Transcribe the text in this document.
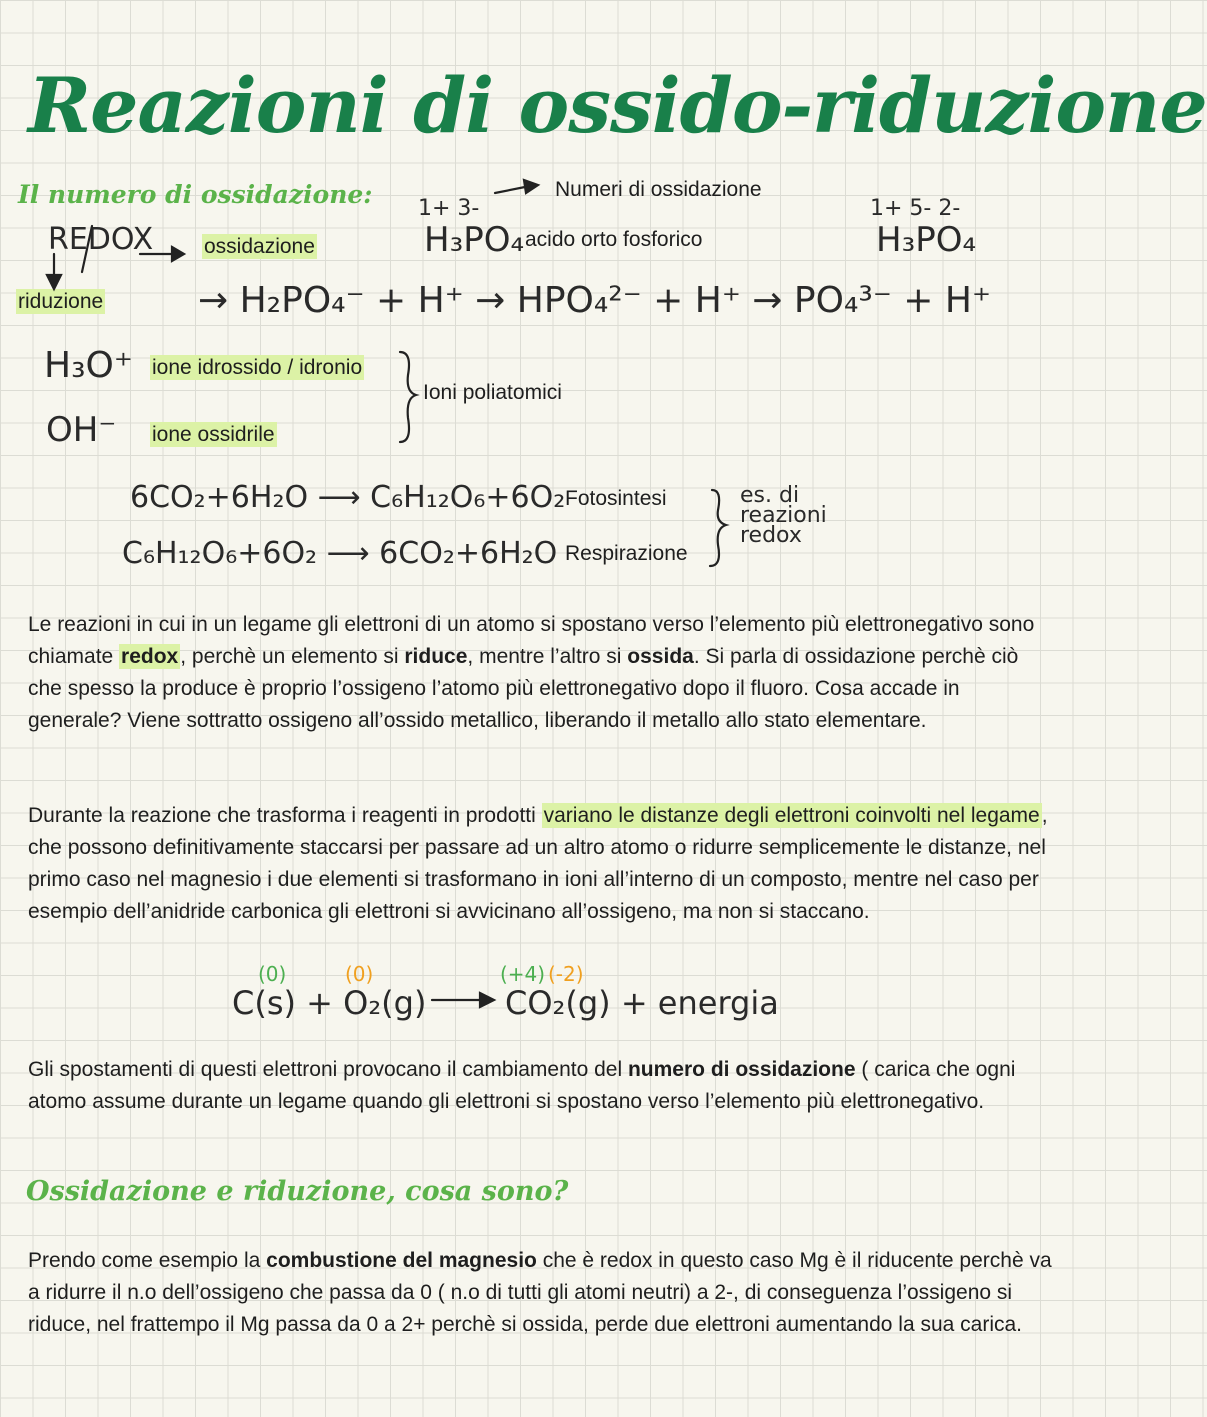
Reazioni di ossido-riduzione
Il numero di ossidazione:
REDOX ossidazione
riduzione
1+ 3-
Numeri di ossidazione
H₃PO₄ acido orto fosforico
1+ 5- 2-
H₃PO₄
→ H₂PO₄⁻ + H⁺ → HPO₄²⁻ + H⁺ → PO₄³⁻ + H⁺
H₃O⁺ ione idrossido / idronio
OH⁻ ione ossidrile
Ioni poliatomici
6CO₂+6H₂O ⟶ C₆H₁₂O₆+6O₂ Fotosintesi
C₆H₁₂O₆+6O₂ ⟶ 6CO₂+6H₂O Respirazione
es. di
reazioni
redox

Le reazioni in cui in un legame gli elettroni di un atomo si spostano verso l’elemento più elettronegativo sono chiamate redox, perchè un elemento si riduce, mentre l’altro si ossida. Si parla di ossidazione perchè ciò che spesso la produce è proprio l’ossigeno l’atomo più elettronegativo dopo il fluoro. Cosa accade in generale? Viene sottratto ossigeno all’ossido metallico, liberando il metallo allo stato elementare.

Durante la reazione che trasforma i reagenti in prodotti variano le distanze degli elettroni coinvolti nel legame, che possono definitivamente staccarsi per passare ad un altro atomo o ridurre semplicemente le distanze, nel primo caso nel magnesio i due elementi si trasformano in ioni all’interno di un composto, mentre nel caso per esempio dell’anidride carbonica gli elettroni si avvicinano all’ossigeno, ma non si staccano.

(0)	(0)	(+4) (-2)
C(s) + O₂(g) CO₂(g) + energia

Gli spostamenti di questi elettroni provocano il cambiamento del numero di ossidazione ( carica che ogni atomo assume durante un legame quando gli elettroni si spostano verso l’elemento più elettronegativo.

Ossidazione e riduzione, cosa sono?

Prendo come esempio la combustione del magnesio che è redox in questo caso Mg è il riducente perchè va a ridurre il n.o dell’ossigeno che passa da 0 ( n.o di tutti gli atomi neutri) a 2-, di conseguenza l’ossigeno si riduce, nel frattempo il Mg passa da 0 a 2+ perchè si ossida, perde due elettroni aumentando la sua carica.
